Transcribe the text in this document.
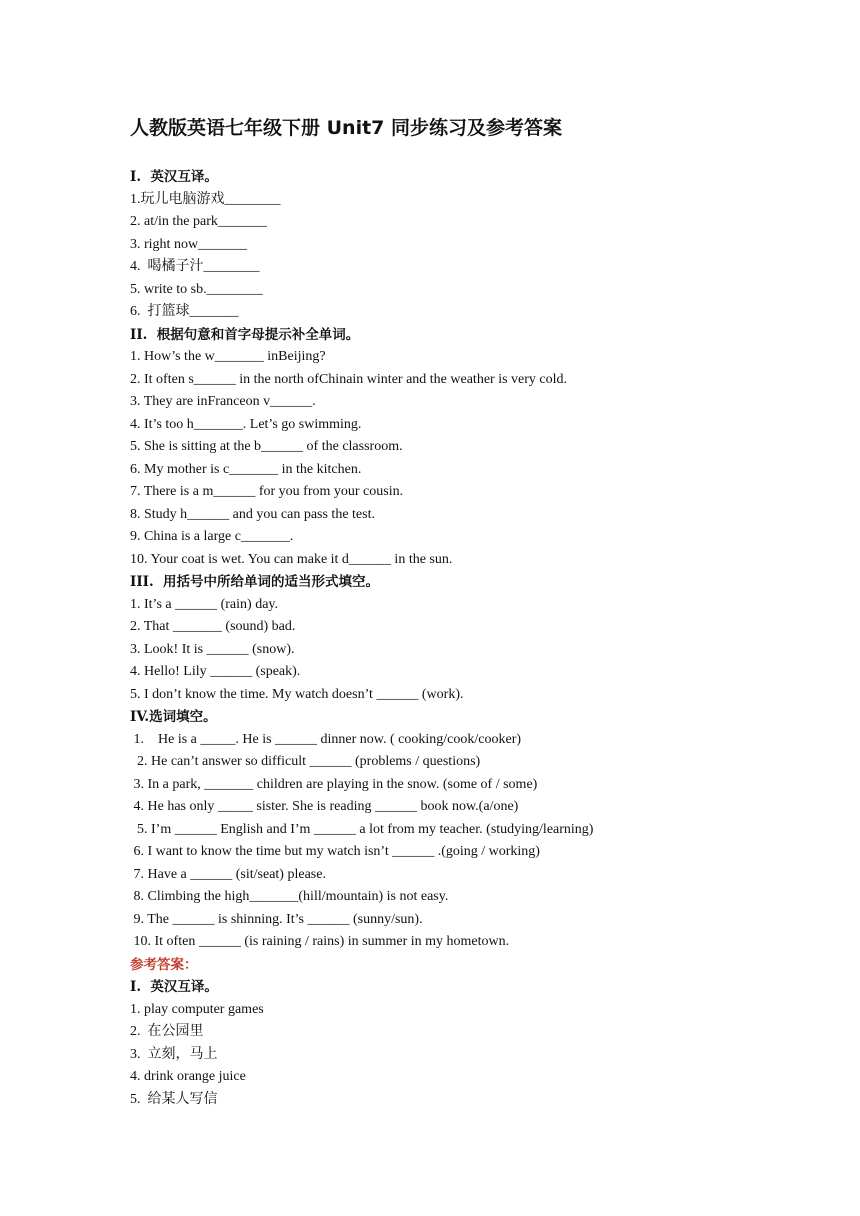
人教版英语七年级下册 Unit7 同步练习及参考答案
I.  英汉互译。
1.玩儿电脑游戏________
2. at/in the park_______
3. right now_______
4.  喝橘子汁________
5. write to sb.________
6.  打篮球_______
II.  根据句意和首字母提示补全单词。
1. How’s the w_______ inBeijing?
2. It often s______ in the north ofChinain winter and the weather is very cold.
3. They are inFranceon v______.
4. It’s too h_______. Let’s go swimming.
5. She is sitting at the b______ of the classroom.
6. My mother is c_______ in the kitchen.
7. There is a m______ for you from your cousin.
8. Study h______ and you can pass the test.
9. China is a large c_______.
10. Your coat is wet. You can make it d______ in the sun.
III.  用括号中所给单词的适当形式填空。
1. It’s a ______ (rain) day.
2. That _______ (sound) bad.
3. Look! It is ______ (snow).
4. Hello! Lily ______ (speak).
5. I don’t know the time. My watch doesn’t ______ (work).
IV.选词填空。
1.    He is a _____. He is ______ dinner now. ( cooking/cook/cooker)
2. He can’t answer so difficult ______ (problems / questions)
3. In a park, _______ children are playing in the snow. (some of / some)
4. He has only _____ sister. She is reading ______ book now.(a/one)
5. I’m ______ English and I’m ______ a lot from my teacher. (studying/learning)
6. I want to know the time but my watch isn’t ______ .(going / working)
7. Have a ______ (sit/seat) please.
8. Climbing the high_______(hill/mountain) is not easy.
9. The ______ is shinning. It’s ______ (sunny/sun).
10. It often ______ (is raining / rains) in summer in my hometown.
参考答案：
I.  英汉互译。
1. play computer games
2.  在公园里
3.  立刻，马上
4. drink orange juice
5.  给某人写信
